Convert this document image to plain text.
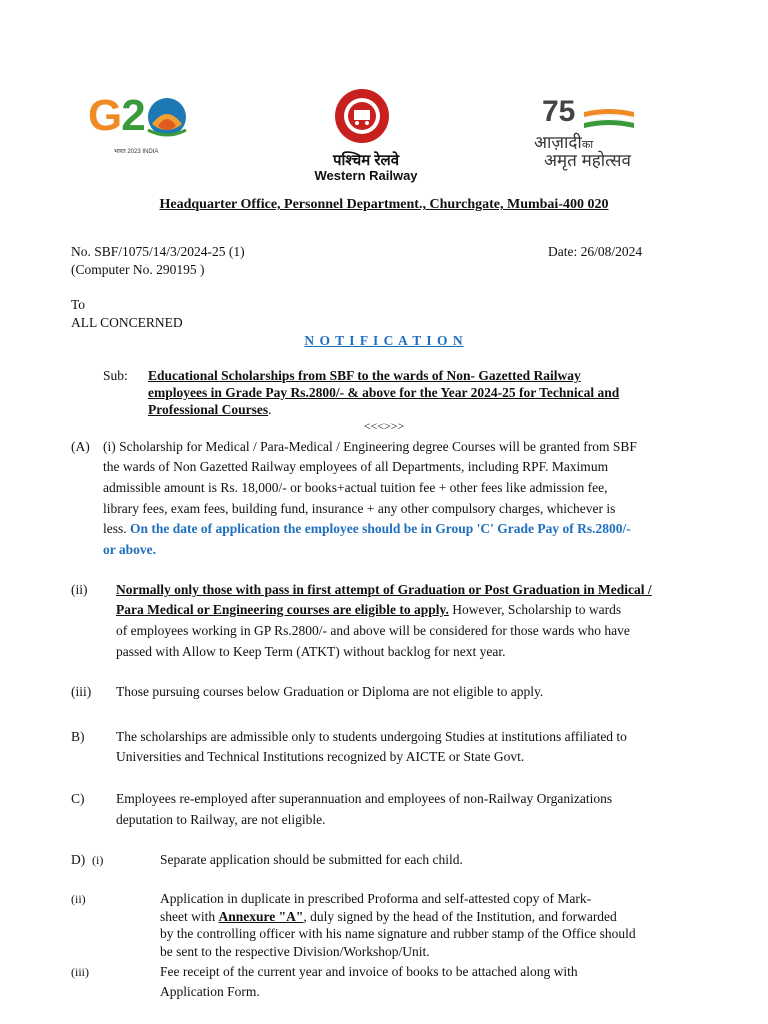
G2
भारत 2023 INDIA	पश्चिम रेलवे
Western Railway
75
आज़ादीका
अमृत महोत्सव
Headquarter Office, Personnel Department., Churchgate, Mumbai-400 020
No. SBF/1075/14/3/2024-25 (1)
(Computer No. 290195 )
Date: 26/08/2024
To
ALL CONCERNED
N O T I F I C A T I O N
Sub: Educational Scholarships from SBF to the wards of Non- Gazetted Railway
employees in Grade Pay Rs.2800/- & above for the Year 2024-25 for Technical and
Professional Courses.
<<<>>>
(A) (i) Scholarship for Medical / Para-Medical / Engineering degree Courses will be granted from SBF
the wards of Non Gazetted Railway employees of all Departments, including RPF. Maximum
admissible amount is Rs. 18,000/- or books+actual tuition fee + other fees like admission fee,
library fees, exam fees, building fund, insurance + any other compulsory charges, whichever is
less. On the date of application the employee should be in Group 'C' Grade Pay of Rs.2800/-
or above.
(ii) Normally only those with pass in first attempt of Graduation or Post Graduation in Medical /
Para Medical or Engineering courses are eligible to apply. However, Scholarship to wards
of employees working in GP Rs.2800/- and above will be considered for those wards who have
passed with Allow to Keep Term (ATKT) without backlog for next year.
(iii) Those pursuing courses below Graduation or Diploma are not eligible to apply.
B) The scholarships are admissible only to students undergoing Studies at institutions affiliated to
Universities and Technical Institutions recognized by AICTE or State Govt.
C) Employees re-employed after superannuation and employees of non-Railway Organizations
deputation to Railway, are not eligible.
D) (i)	Separate application should be submitted for each child.
(ii)	Application in duplicate in prescribed Proforma and self-attested copy of Mark-
sheet with Annexure "A", duly signed by the head of the Institution, and forwarded
by the controlling officer with his name signature and rubber stamp of the Office should
be sent to the respective Division/Workshop/Unit.
(iii)	Fee receipt of the current year and invoice of books to be attached along with
Application Form.
